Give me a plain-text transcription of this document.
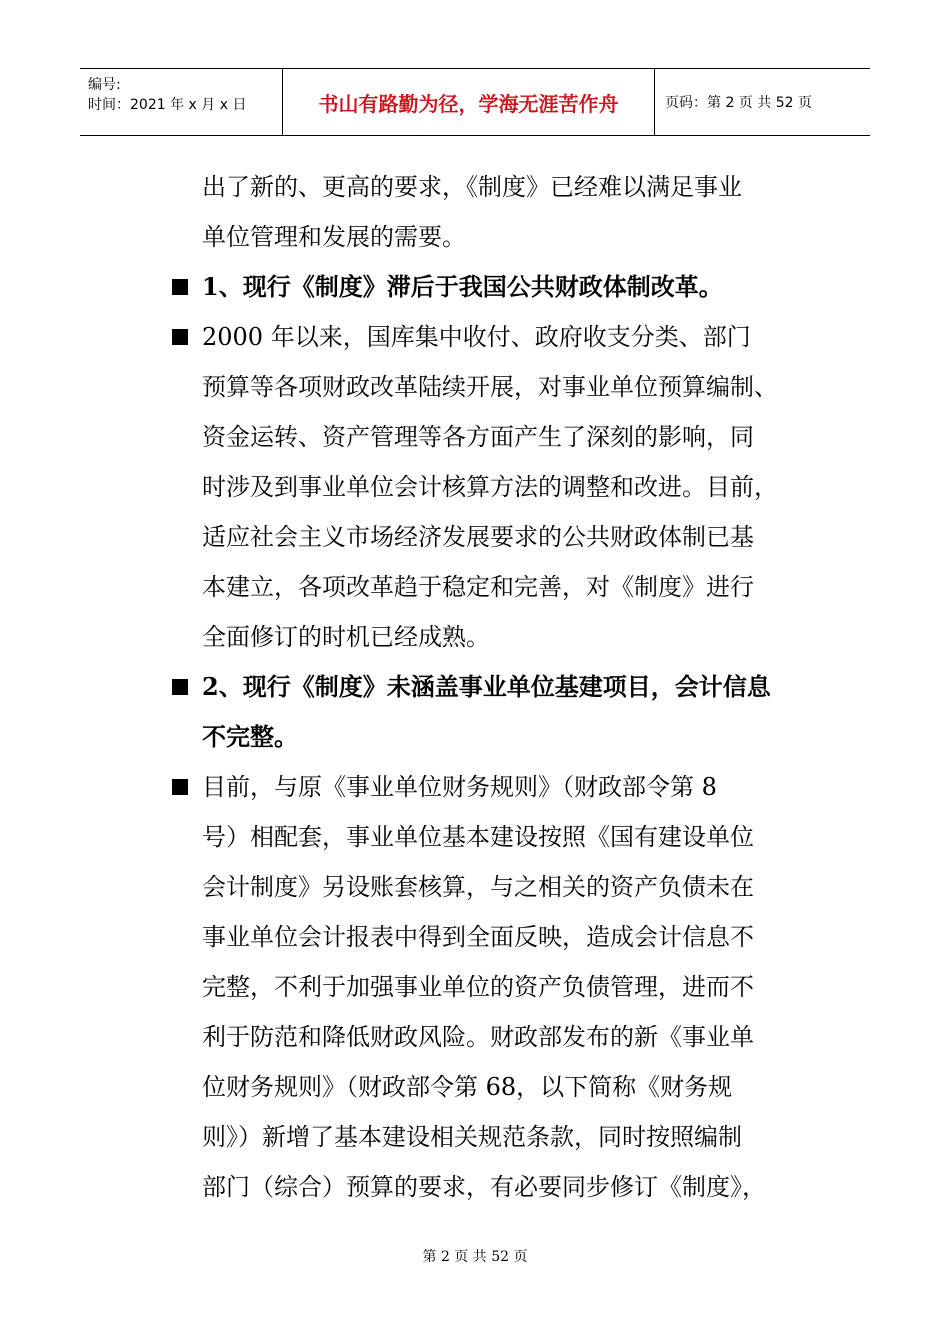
编号:
时间：2021 年 x 月 x 日	书山有路勤为径，学海无涯苦作舟	页码：第 2 页 共 52 页
出了新的、更高的要求，《制度》已经难以满足事业
单位管理和发展的需要。
1、现行《制度》滞后于我国公共财政体制改革。
2000 年以来，国库集中收付、政府收支分类、部门
预算等各项财政改革陆续开展，对事业单位预算编制、
资金运转、资产管理等各方面产生了深刻的影响，同
时涉及到事业单位会计核算方法的调整和改进。目前，
适应社会主义市场经济发展要求的公共财政体制已基
本建立，各项改革趋于稳定和完善，对《制度》进行
全面修订的时机已经成熟。
2、现行《制度》未涵盖事业单位基建项目，会计信息
不完整。
目前，与原《事业单位财务规则》（财政部令第 8
号）相配套，事业单位基本建设按照《国有建设单位
会计制度》另设账套核算，与之相关的资产负债未在
事业单位会计报表中得到全面反映，造成会计信息不
完整，不利于加强事业单位的资产负债管理，进而不
利于防范和降低财政风险。财政部发布的新《事业单
位财务规则》（财政部令第 68，以下简称《财务规
则》）新增了基本建设相关规范条款，同时按照编制
部门（综合）预算的要求，有必要同步修订《制度》，
第 2 页 共 52 页
